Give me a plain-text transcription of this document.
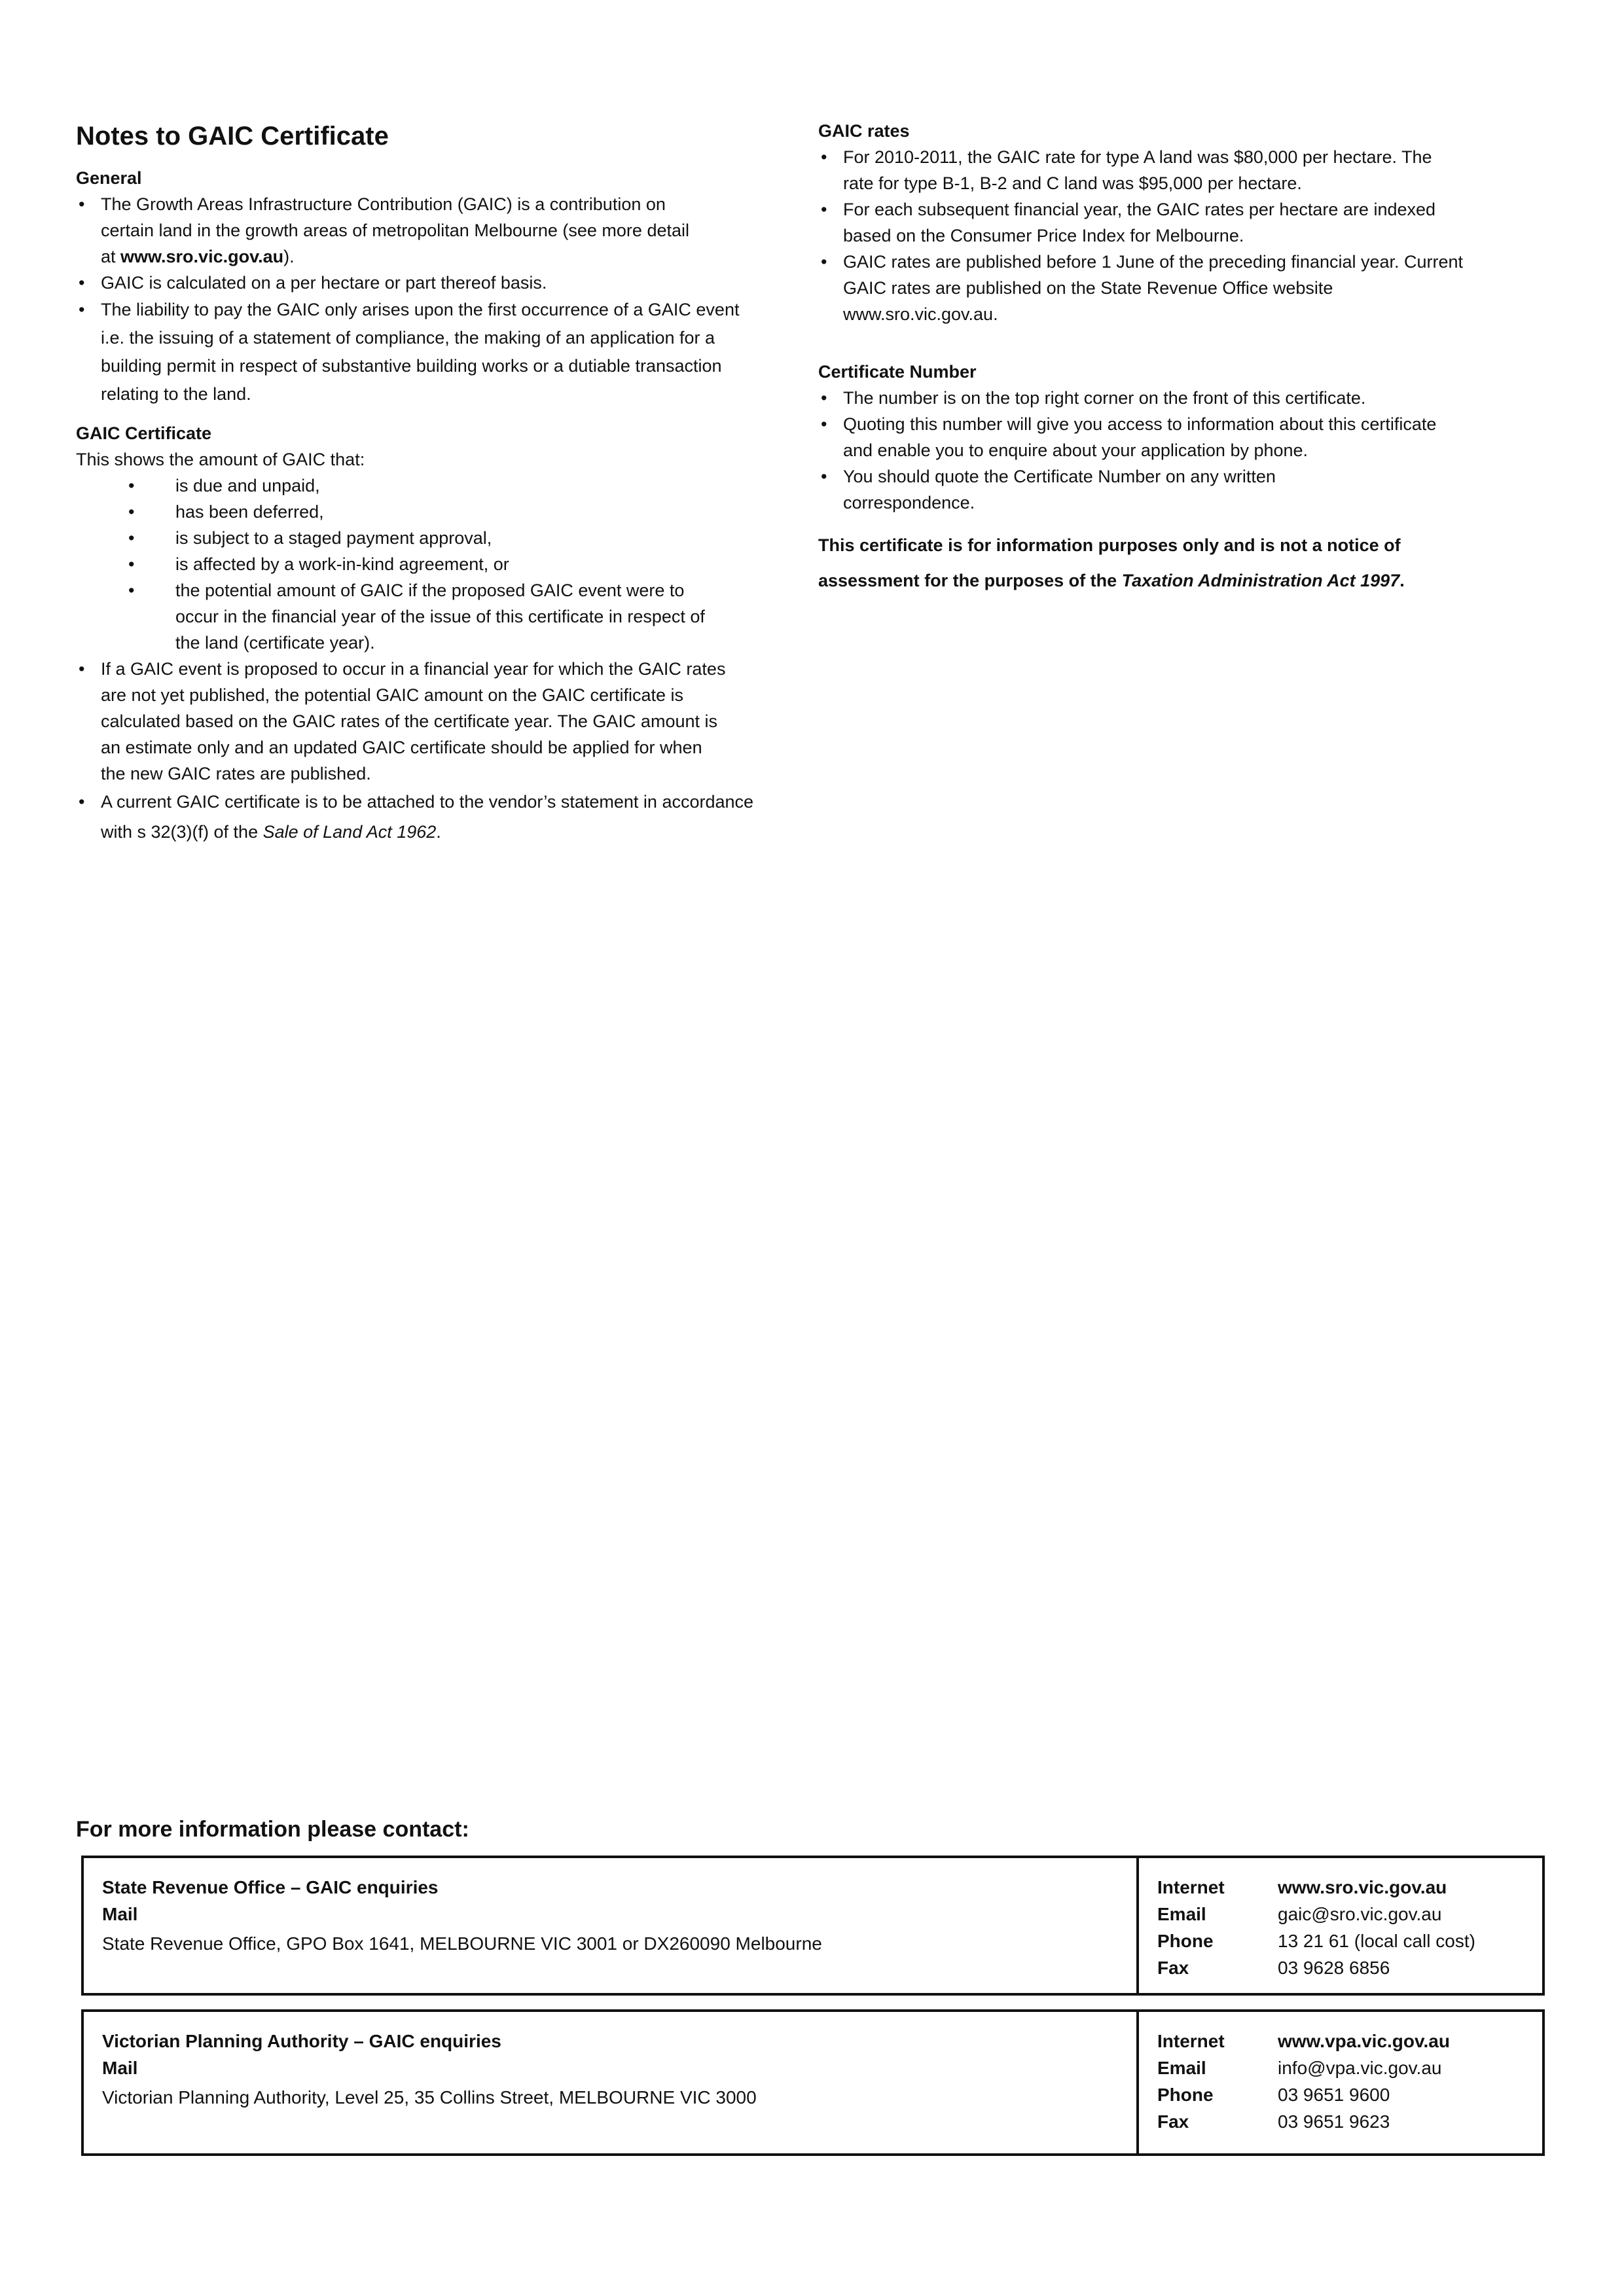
Notes to GAIC Certificate
General
• The Growth Areas Infrastructure Contribution (GAIC) is a contribution on
certain land in the growth areas of metropolitan Melbourne (see more detail
at www.sro.vic.gov.au).
• GAIC is calculated on a per hectare or part thereof basis.
• The liability to pay the GAIC only arises upon the first occurrence of a GAIC event
i.e. the issuing of a statement of compliance, the making of an application for a
building permit in respect of substantive building works or a dutiable transaction
relating to the land.
GAIC Certificate

This shows the amount of GAIC that:

• is due and unpaid,
• has been deferred,
• is subject to a staged payment approval,
• is affected by a work-in-kind agreement, or
• the potential amount of GAIC if the proposed GAIC event were to
occur in the financial year of the issue of this certificate in respect of
the land (certificate year).
• If a GAIC event is proposed to occur in a financial year for which the GAIC rates
are not yet published, the potential GAIC amount on the GAIC certificate is
calculated based on the GAIC rates of the certificate year. The GAIC amount is
an estimate only and an updated GAIC certificate should be applied for when
the new GAIC rates are published.
• A current GAIC certificate is to be attached to the vendor’s statement in accordance
with s 32(3)(f) of the Sale of Land Act 1962.
GAIC rates
• For 2010-2011, the GAIC rate for type A land was $80,000 per hectare. The
rate for type B-1, B-2 and C land was $95,000 per hectare.
• For each subsequent financial year, the GAIC rates per hectare are indexed
based on the Consumer Price Index for Melbourne.
• GAIC rates are published before 1 June of the preceding financial year. Current
GAIC rates are published on the State Revenue Office website
www.sro.vic.gov.au.
Certificate Number
• The number is on the top right corner on the front of this certificate.
• Quoting this number will give you access to information about this certificate
and enable you to enquire about your application by phone.
• You should quote the Certificate Number on any written
correspondence.

This certificate is for information purposes only and is not a notice of
assessment for the purposes of the Taxation Administration Act 1997.

For more information please contact:
State Revenue Office – GAIC enquiries
Mail
State Revenue Office, GPO Box 1641, MELBOURNE VIC 3001 or DX260090 Melbourne
Internet	www.sro.vic.gov.au
Email	gaic@sro.vic.gov.au
Phone	13 21 61 (local call cost)
Fax	03 9628 6856
Victorian Planning Authority – GAIC enquiries
Mail
Victorian Planning Authority, Level 25, 35 Collins Street, MELBOURNE VIC 3000
Internet	www.vpa.vic.gov.au
Email	info@vpa.vic.gov.au
Phone	03 9651 9600
Fax	03 9651 9623
